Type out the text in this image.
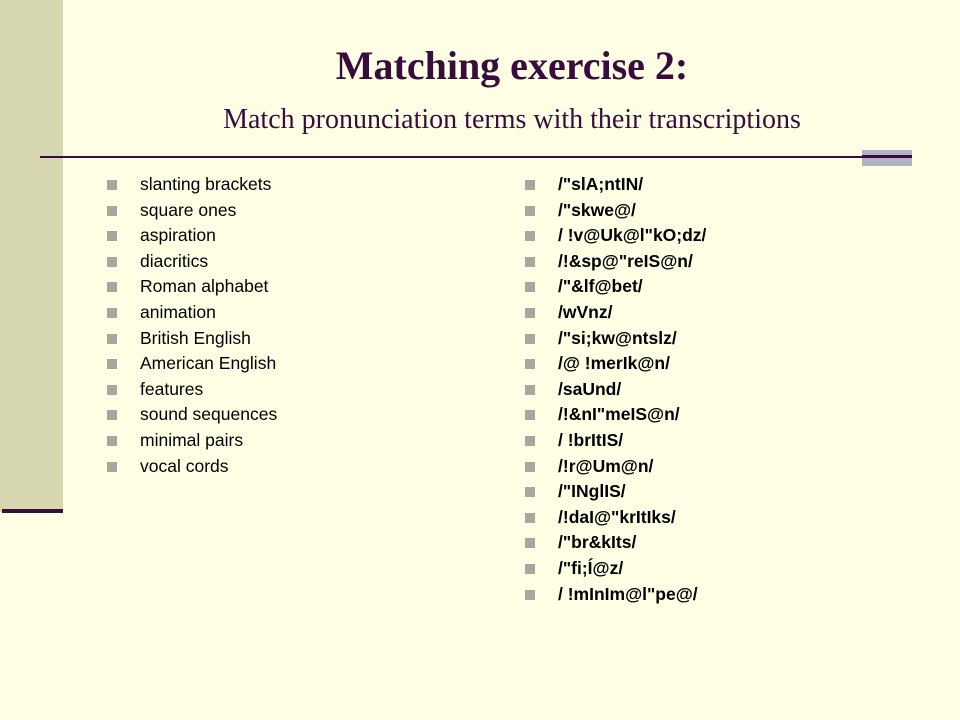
Matching exercise 2:
Match pronunciation terms with their transcriptions
slanting brackets
square ones
aspiration
diacritics
Roman alphabet
animation
British English
American English
features
sound sequences
minimal pairs
vocal cords
/"slA;ntIN/
/"skwe@/
/ !v@Uk@l"kO;dz/
/!&sp@"reIS@n/
/"&lf@bet/
/wVnz/
/"si;kw@ntslz/
/@ !merIk@n/
/saUnd/
/!&nI"meIS@n/
/ !brItIS/
/!r@Um@n/
/"INglIS/
/!daI@"krItIks/
/"br&kIts/
/"fi;Í@z/
/ !mInIm@l"pe@/
